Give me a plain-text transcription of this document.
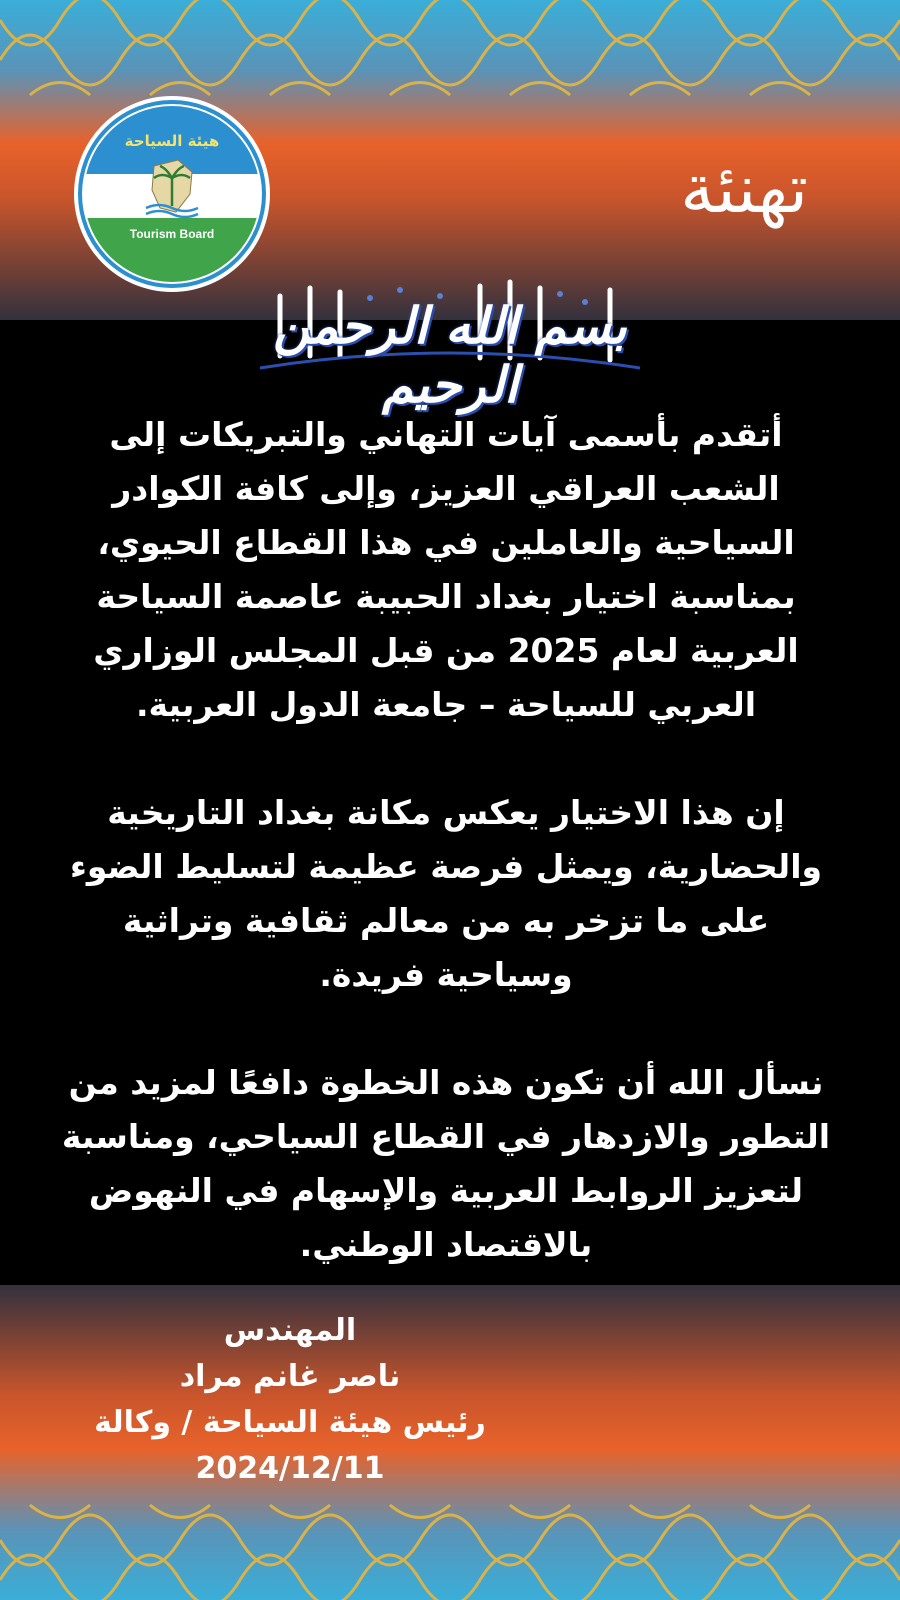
هيئة السياحة
Tourism Board
تهنئة
بسم الله الرحمن الرحيم

أتقدم بأسمى آيات التهاني والتبريكات إلى الشعب العراقي العزيز، وإلى كافة الكوادر السياحية والعاملين في هذا القطاع الحيوي، بمناسبة اختيار بغداد الحبيبة عاصمة السياحة العربية لعام 2025 من قبل المجلس الوزاري العربي للسياحة – جامعة الدول العربية.

إن هذا الاختيار يعكس مكانة بغداد التاريخية والحضارية، ويمثل فرصة عظيمة لتسليط الضوء على ما تزخر به من معالم ثقافية وتراثية وسياحية فريدة.

نسأل الله أن تكون هذه الخطوة دافعًا لمزيد من التطور والازدهار في القطاع السياحي، ومناسبة لتعزيز الروابط العربية والإسهام في النهوض بالاقتصاد الوطني.

المهندس
ناصر غانم مراد
رئيس هيئة السياحة / وكالة
2024/12/11
